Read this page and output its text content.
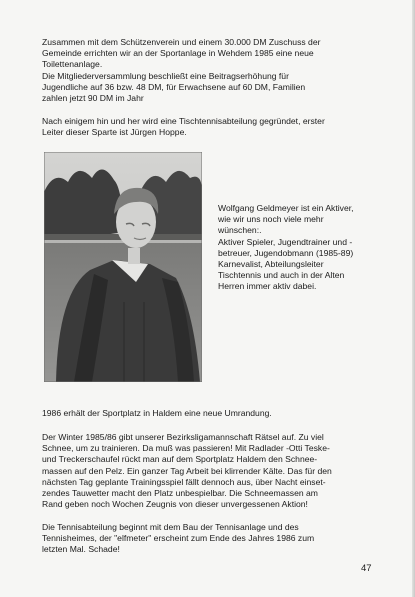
Zusammen mit dem Schützenverein und einem 30.000 DM Zuschuss der
Gemeinde errichten wir an der Sportanlage in Wehdem 1985 eine neue
Toilettenanlage.

Die Mitgliederversammlung beschließt eine Beitragserhöhung für
Jugendliche auf 36 bzw. 48 DM, für Erwachsene auf 60 DM, Familien
zahlen jetzt 90 DM im Jahr

Nach einigem hin und her wird eine Tischtennisabteilung gegründet, erster
Leiter dieser Sparte ist Jürgen Hoppe.

Wolfgang Geldmeyer ist ein Aktiver,
wie wir uns noch viele mehr
wünschen:.
Aktiver Spieler, Jugendtrainer und -
betreuer, Jugendobmann (1985-89)
Karnevalist, Abteilungsleiter
Tischtennis und auch in der Alten
Herren immer aktiv dabei.

1986 erhält der Sportplatz in Haldem eine neue Umrandung.

Der Winter 1985/86 gibt unserer Bezirksligamannschaft Rätsel auf. Zu viel
Schnee, um zu trainieren. Da muß was passieren! Mit Radlader -Otti Teske-
und Treckerschaufel rückt man auf dem Sportplatz Haldem den Schnee-
massen auf den Pelz. Ein ganzer Tag Arbeit bei klirrender Kälte. Das für den
nächsten Tag geplante Trainingsspiel fällt dennoch aus, über Nacht einset-
zendes Tauwetter macht den Platz unbespielbar. Die Schneemassen am
Rand geben noch Wochen Zeugnis von dieser unvergessenen Aktion!

Die Tennisabteilung beginnt mit dem Bau der Tennisanlage und des
Tennisheimes, der "elfmeter" erscheint zum Ende des Jahres 1986 zum
letzten Mal. Schade!

47
